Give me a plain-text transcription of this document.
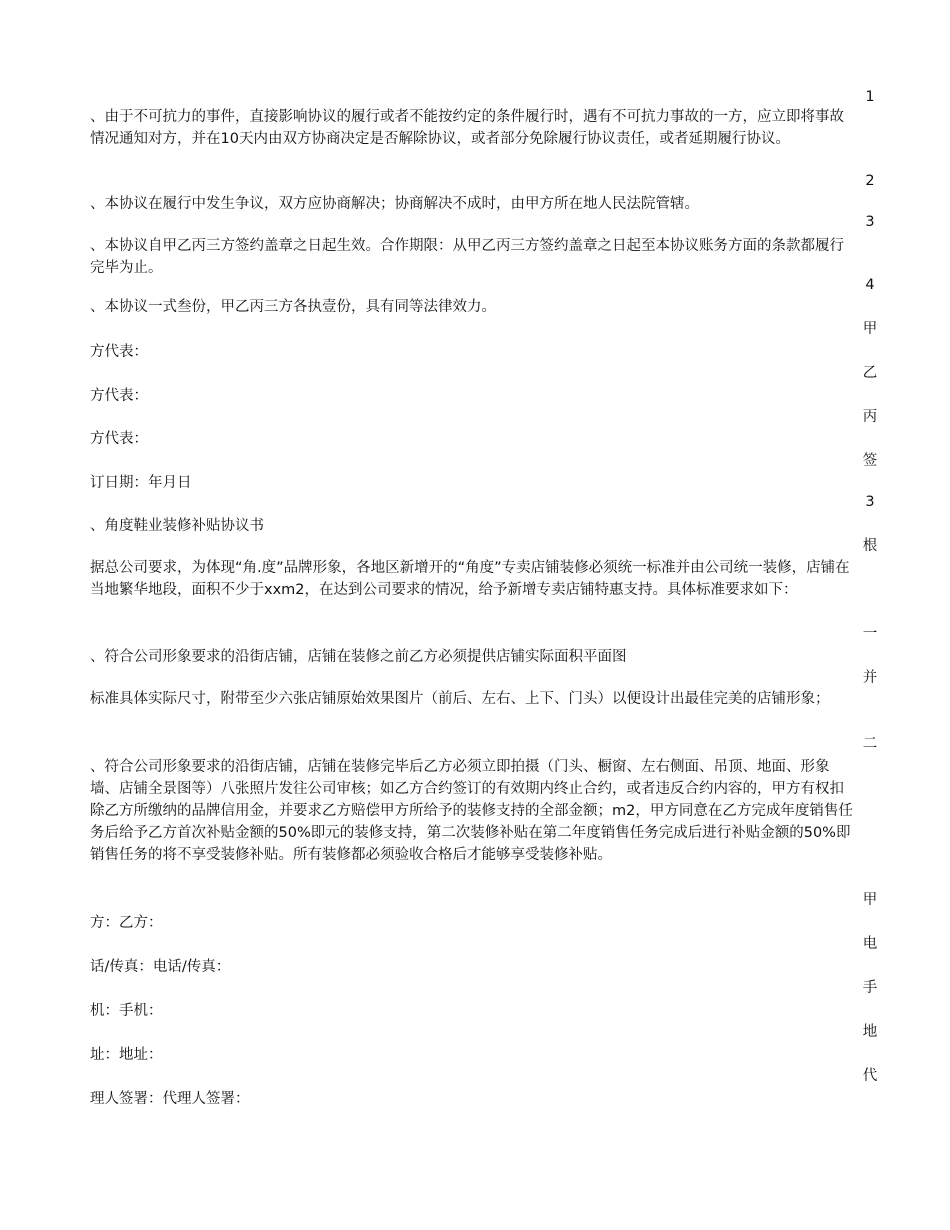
、由于不可抗力的事件，直接影响协议的履行或者不能按约定的条件履行时，遇有不可抗力事故的一方，应立即将事故情况通知对方，并在10天内由双方协商决定是否解除协议，或者部分免除履行协议责任，或者延期履行协议。

、本协议在履行中发生争议，双方应协商解决；协商解决不成时，由甲方所在地人民法院管辖。

、本协议自甲乙丙三方签约盖章之日起生效。合作期限：从甲乙丙三方签约盖章之日起至本协议账务方面的条款都履行完毕为止。

、本协议一式叁份，甲乙丙三方各执壹份，具有同等法律效力。

方代表：

方代表：

方代表：

订日期：年月日

、角度鞋业装修补贴协议书

据总公司要求，为体现“角.度”品牌形象，各地区新增开的“角度”专卖店铺装修必须统一标准并由公司统一装修，店铺在当地繁华地段，面积不少于xxm2，在达到公司要求的情况，给予新增专卖店铺特惠支持。具体标准要求如下：

、符合公司形象要求的沿街店铺，店铺在装修之前乙方必须提供店铺实际面积平面图

标准具体实际尺寸，附带至少六张店铺原始效果图片（前后、左右、上下、门头）以便设计出最佳完美的店铺形象；

、符合公司形象要求的沿街店铺，店铺在装修完毕后乙方必须立即拍摄（门头、橱窗、左右侧面、吊顶、地面、形象墙、店铺全景图等）八张照片发往公司审核；如乙方合约签订的有效期内终止合约，或者违反合约内容的，甲方有权扣除乙方所缴纳的品牌信用金，并要求乙方赔偿甲方所给予的装修支持的全部金额；m2，甲方同意在乙方完成年度销售任务后给予乙方首次补贴金额的50%即元的装修支持，第二次装修补贴在第二年度销售任务完成后进行补贴金额的50%即销售任务的将不享受装修补贴。所有装修都必须验收合格后才能够享受装修补贴。

方：乙方：

话/传真：电话/传真：

机：手机：

址：地址：

理人签署：代理人签署：

1
2
3
4
甲
乙
丙
签
3
根
一
并
二
甲
电
手
地
代
